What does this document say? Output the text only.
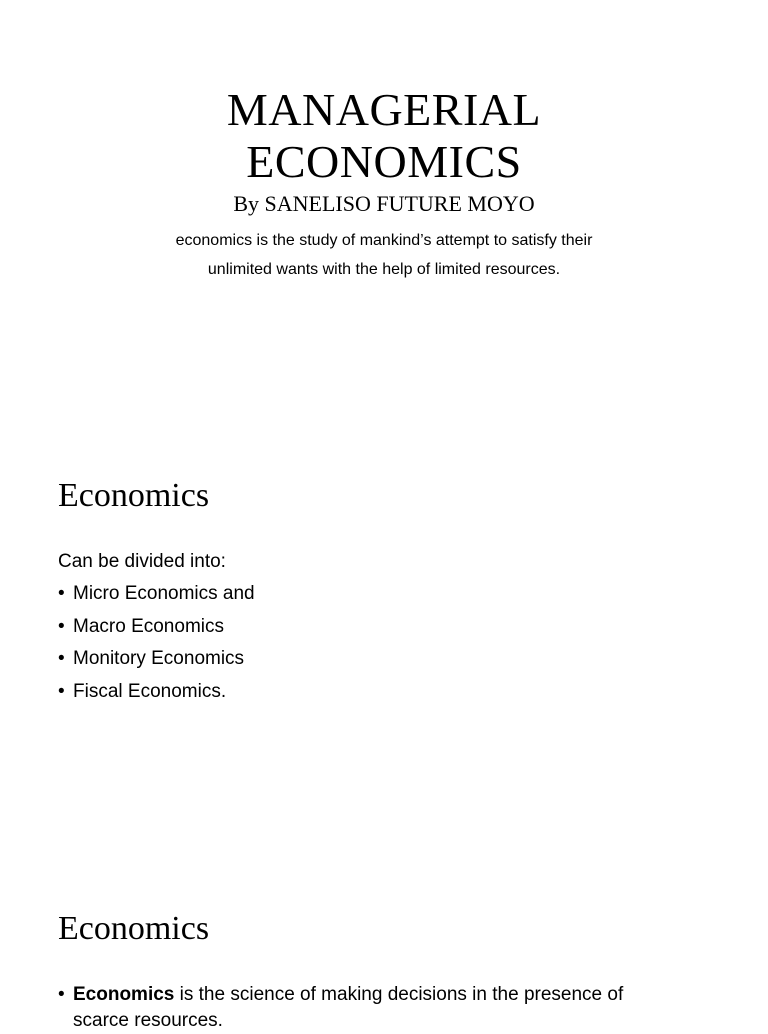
MANAGERIAL ECONOMICS

By SANELISO FUTURE MOYO

economics is the study of mankind’s attempt to satisfy their unlimited wants with the help of limited resources.

Economics

Can be divided into:

• Micro Economics and
• Macro Economics
• Monitory Economics
• Fiscal Economics.
Economics
• Economics is the science of making decisions in the presence of scarce resources.
